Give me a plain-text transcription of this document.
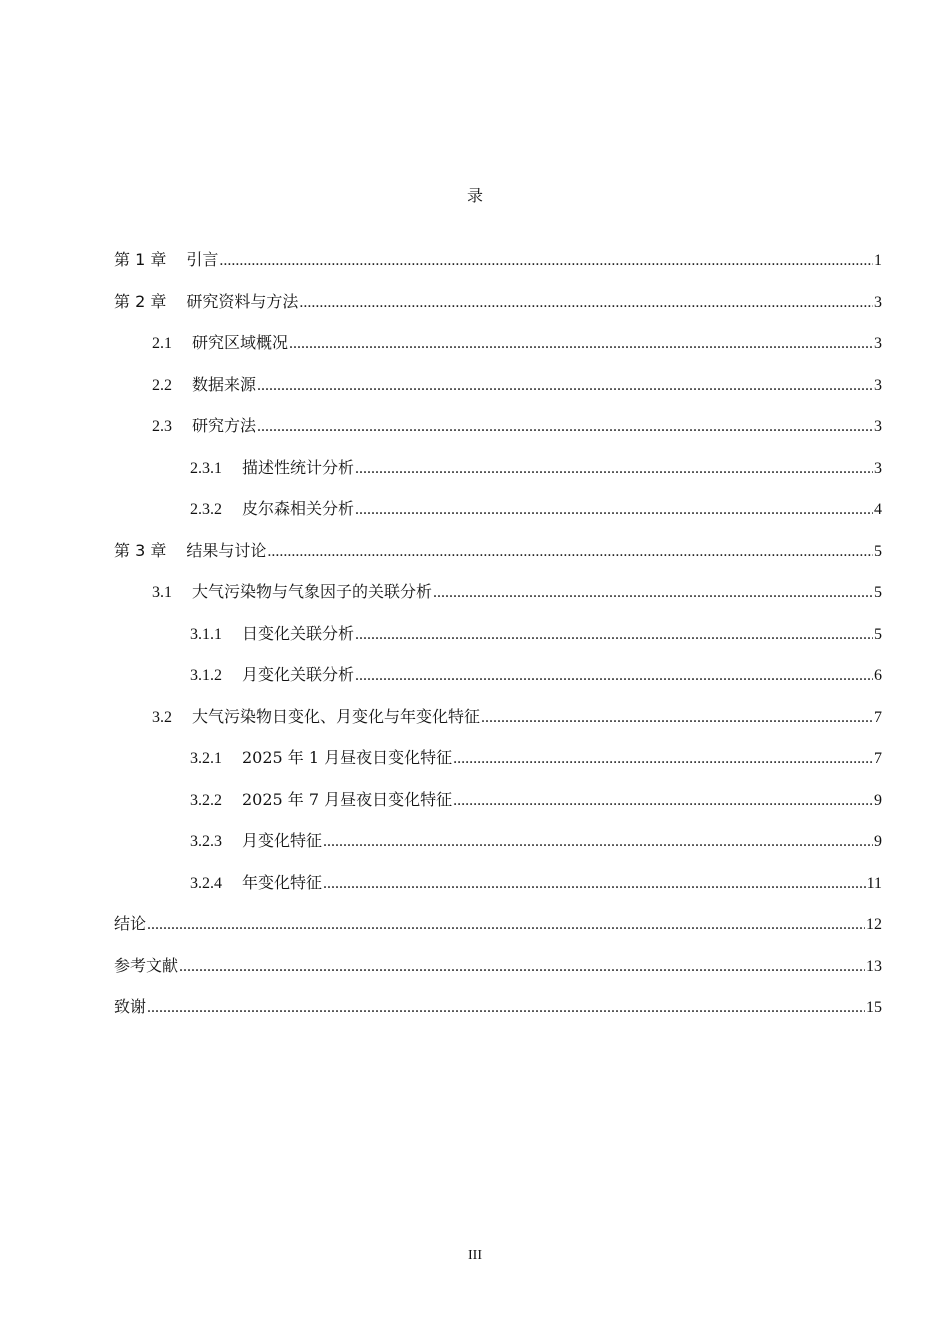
录
第 1 章	引言 .....	1
第 2 章	研究资料与方法 .....	3
2.1	研究区域概况 .....	3
2.2	数据来源 .....	3
2.3	研究方法 .....	3
2.3.1	描述性统计分析 .....	3
2.3.2	皮尔森相关分析 .....	4
第 3 章	结果与讨论 .....	5
3.1	大气污染物与气象因子的关联分析 .....	5
3.1.1	日变化关联分析 .....	5
3.1.2	月变化关联分析 .....	6
3.2	大气污染物日变化、月变化与年变化特征 .....	7
3.2.1	2025 年 1 月昼夜日变化特征 .....	7
3.2.2	2025 年 7 月昼夜日变化特征 .....	9
3.2.3	月变化特征 .....	9
3.2.4	年变化特征 .....	11
结论 .....	12
参考文献 .....	13
致谢 .....	15
III
